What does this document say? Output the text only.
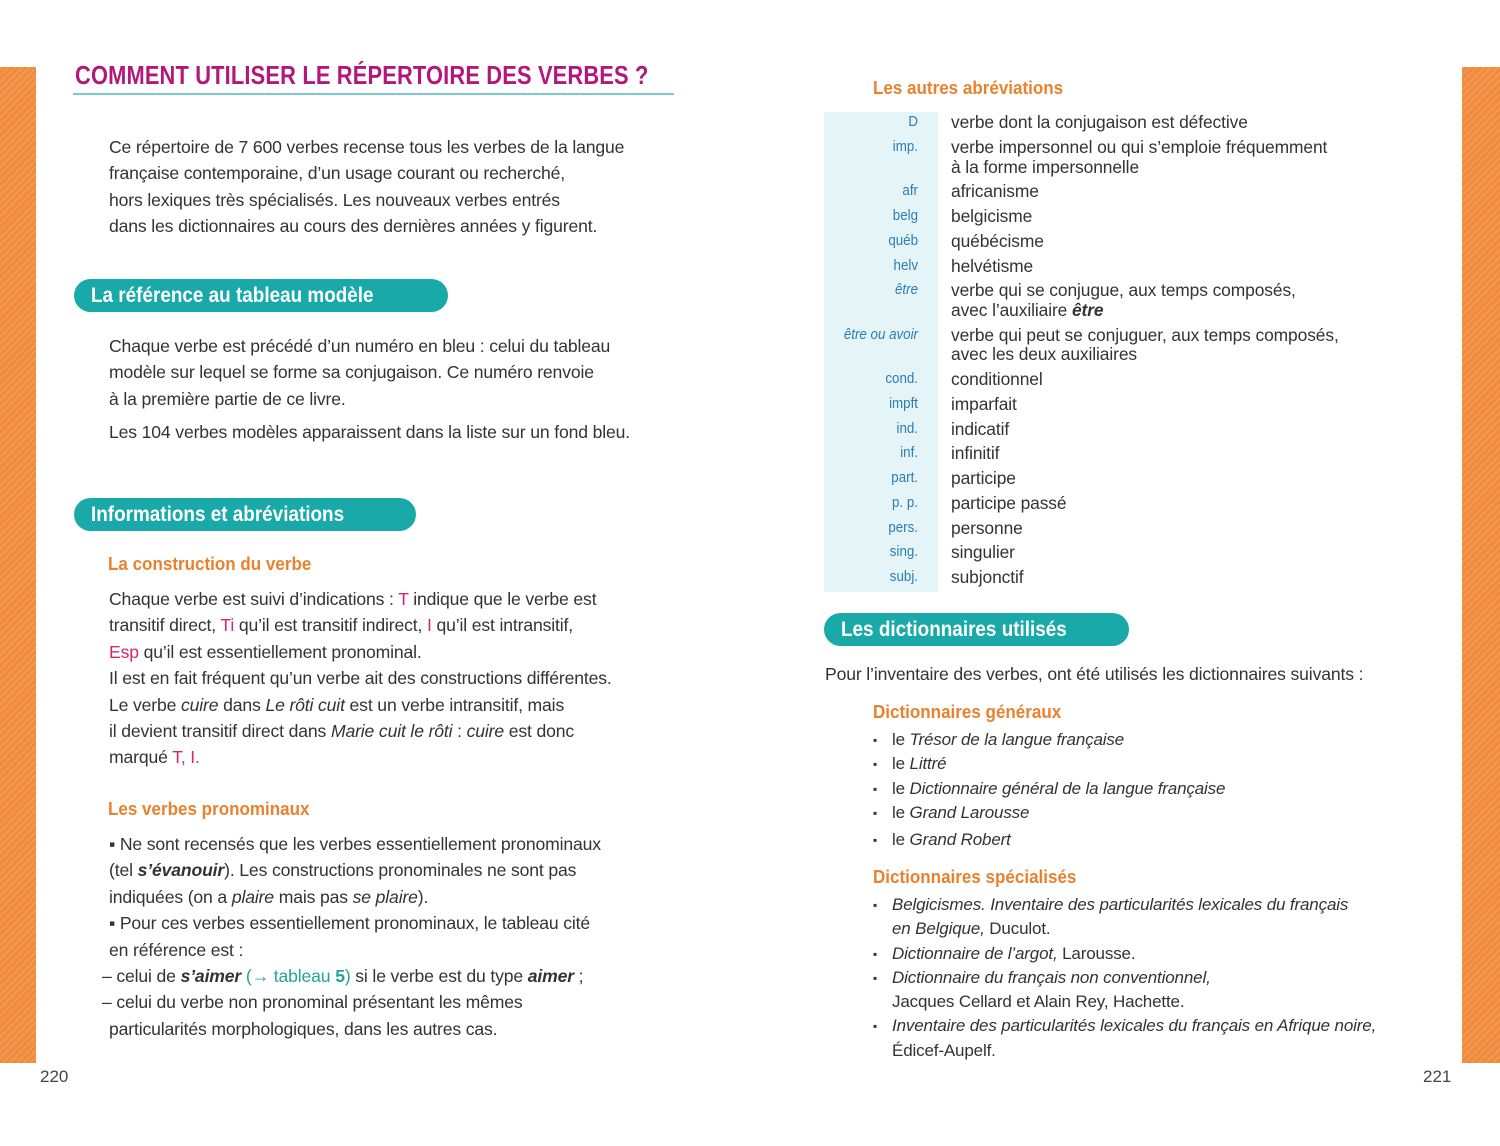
COMMENT UTILISER LE RÉPERTOIRE DES VERBES ?
Ce répertoire de 7 600 verbes recense tous les verbes de la langue
française contemporaine, d’un usage courant ou recherché,
hors lexiques très spécialisés. Les nouveaux verbes entrés
dans les dictionnaires au cours des dernières années y figurent.
La référence au tableau modèle
Chaque verbe est précédé d’un numéro en bleu : celui du tableau
modèle sur lequel se forme sa conjugaison. Ce numéro renvoie
à la première partie de ce livre.
Les 104 verbes modèles apparaissent dans la liste sur un fond bleu.
Informations et abréviations
La construction du verbe
Chaque verbe est suivi d’indications : T indique que le verbe est
transitif direct, Ti qu’il est transitif indirect, I qu’il est intransitif,
Esp qu’il est essentiellement pronominal.
Il est en fait fréquent qu’un verbe ait des constructions différentes.
Le verbe cuire dans Le rôti cuit est un verbe intransitif, mais
il devient transitif direct dans Marie cuit le rôti : cuire est donc
marqué T, I.
Les verbes pronominaux
▪ Ne sont recensés que les verbes essentiellement pronominaux
(tel s’évanouir). Les constructions pronominales ne sont pas
indiquées (on a plaire mais pas se plaire).
▪ Pour ces verbes essentiellement pronominaux, le tableau cité
en référence est :
– celui de s’aimer (→ tableau 5) si le verbe est du type aimer ;
– celui du verbe non pronominal présentant les mêmes
particularités morphologiques, dans les autres cas.
220
Les autres abréviations
D verbe dont la conjugaison est défective
imp. verbe impersonnel ou qui s’emploie fréquemment
à la forme impersonnelle
afr africanisme
belg belgicisme
québ québécisme
helv helvétisme
être verbe qui se conjugue, aux temps composés,
avec l’auxiliaire être
être ou avoir verbe qui peut se conjuguer, aux temps composés,
avec les deux auxiliaires
cond. conditionnel
impft imparfait
ind. indicatif
inf. infinitif
part. participe
p. p. participe passé
pers. personne
sing. singulier
subj. subjonctif
Les dictionnaires utilisés
Pour l’inventaire des verbes, ont été utilisés les dictionnaires suivants :
Dictionnaires généraux
▪ le Trésor de la langue française
▪ le Littré
▪ le Dictionnaire général de la langue française
▪ le Grand Larousse
▪ le Grand Robert
Dictionnaires spécialisés
▪ Belgicismes. Inventaire des particularités lexicales du français
en Belgique, Duculot.
▪ Dictionnaire de l’argot, Larousse.
▪ Dictionnaire du français non conventionnel,
Jacques Cellard et Alain Rey, Hachette.
▪ Inventaire des particularités lexicales du français en Afrique noire,
Édicef-Aupelf.
221
